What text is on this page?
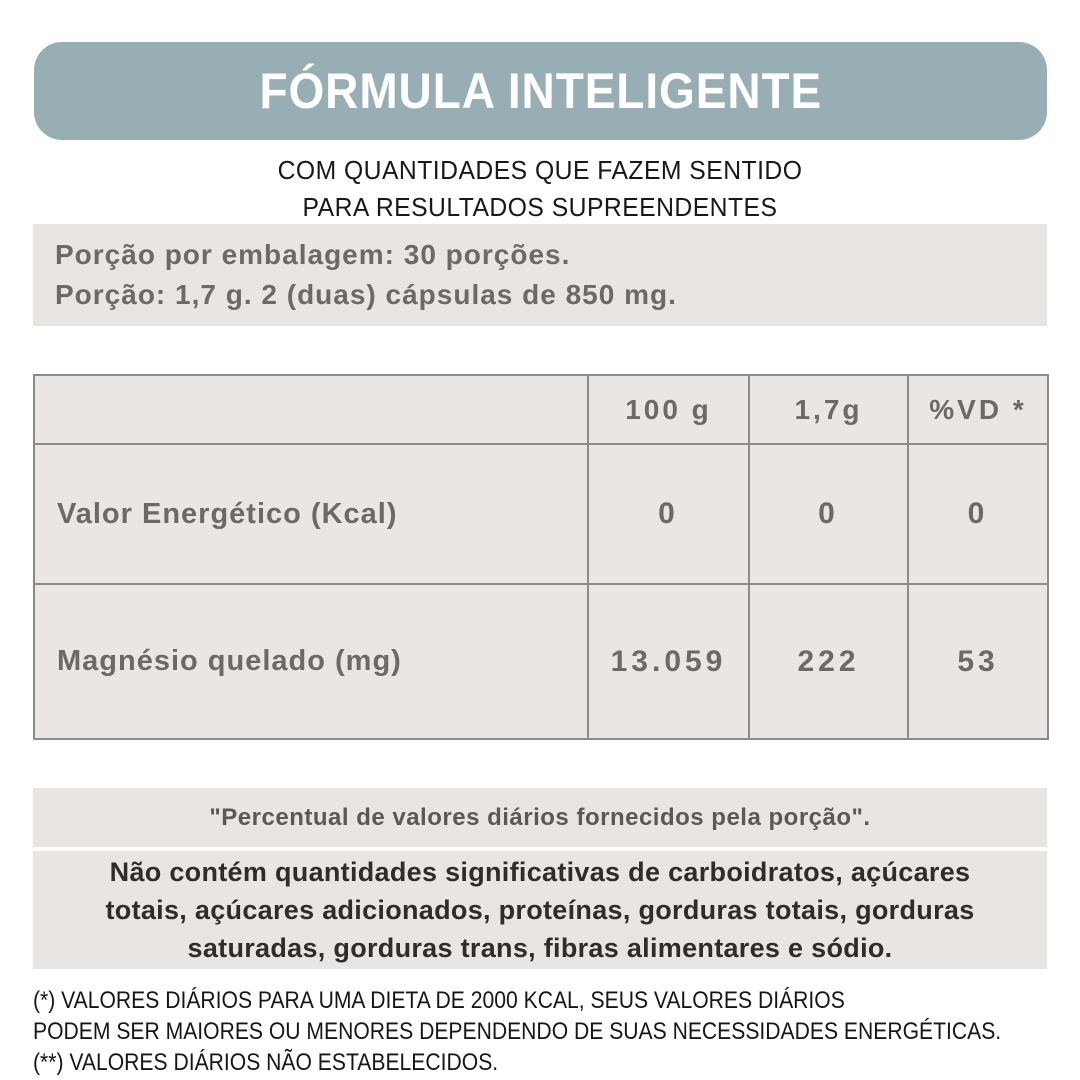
FÓRMULA INTELIGENTE
COM QUANTIDADES QUE FAZEM SENTIDO
PARA RESULTADOS SUPREENDENTES
Porção por embalagem: 30 porções.
Porção: 1,7 g. 2 (duas) cápsulas de 850 mg.
	100 g	1,7g	%VD *
Valor Energético (Kcal)	0	0	0
Magnésio quelado (mg)	13.059	222	53
"Percentual de valores diários fornecidos pela porção".
Não contém quantidades significativas de carboidratos, açúcares
totais, açúcares adicionados, proteínas, gorduras totais, gorduras
saturadas, gorduras trans, fibras alimentares e sódio.
(*) VALORES DIÁRIOS PARA UMA DIETA DE 2000 KCAL, SEUS VALORES DIÁRIOS
PODEM SER MAIORES OU MENORES DEPENDENDO DE SUAS NECESSIDADES ENERGÉTICAS.
(**) VALORES DIÁRIOS NÃO ESTABELECIDOS.
